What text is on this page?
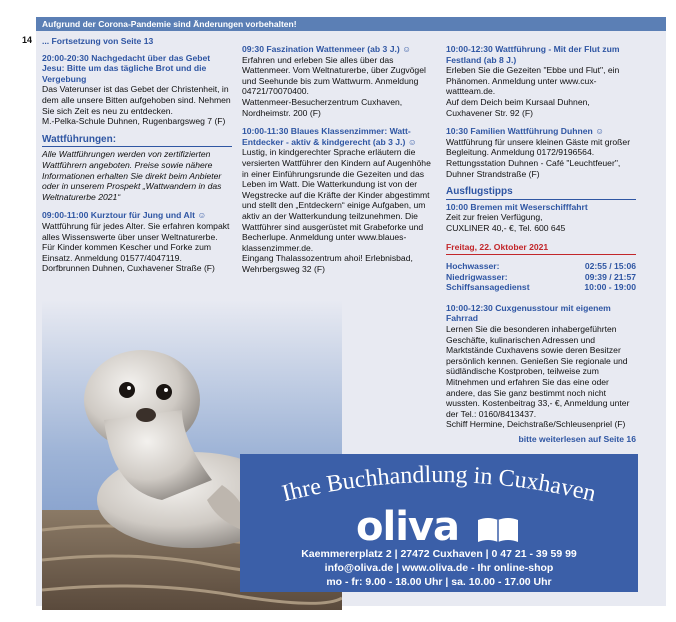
14
Aufgrund der Corona-Pandemie sind Änderungen vorbehalten!
... Fortsetzung von Seite 13
20:00-20:30 Nachgedacht über das Gebet Jesu: Bitte um das tägliche Brot und die Vergebung
Das Vaterunser ist das Gebet der Christenheit, in dem alle unsere Bitten aufgehoben sind. Nehmen Sie sich Zeit es neu zu entdecken.

M.-Pelka-Schule Duhnen, Rugenbargsweg 7 (F)

Wattführungen:

Alle Wattführungen werden von zertifizierten Wattführern angeboten. Preise sowie nähere Informationen erhalten Sie direkt beim Anbieter oder in unserem Prospekt „Wattwandern in das Weltnaturerbe 2021“

09:00-11:00 Kurztour für Jung und Alt ☺
Wattführung für jedes Alter. Sie erfahren kompakt alles Wissenswerte über unser Weltnaturerbe. Für Kinder kommen Kescher und Forke zum Einsatz. Anmeldung 01577/4047119.

Dorfbrunnen Duhnen, Cuxhavener Straße (F)

09:30 Faszination Wattenmeer (ab 3 J.) ☺
Erfahren und erleben Sie alles über das Wattenmeer. Vom Weltnaturerbe, über Zugvögel und Seehunde bis zum Wattwurm. Anmeldung 04721/70070400.

Wattenmeer-Besucherzentrum Cuxhaven, Nordheimstr. 200 (F)

10:00-11:30 Blaues Klassenzimmer: Watt-Entdecker - aktiv & kindgerecht (ab 3 J.) ☺
Lustig, in kindgerechter Sprache erläutern die versierten Wattführer den Kindern auf Augenhöhe in einer Einführungsrunde die Gezeiten und das Leben im Watt. Die Watterkundung ist von der Wegstrecke auf die Kräfte der Kinder abgestimmt und stellt den „Entdeckern“ einige Aufgaben, um aktiv an der Watterkundung teilzunehmen. Die Wattführer sind ausgerüstet mit Grabeforke und Becherlupe. Anmeldung unter www.blaues-klassenzimmer.de.

Eingang Thalassozentrum ahoi! Erlebnisbad, Wehrbergsweg 32 (F)

10:00-12:30 Wattführung - Mit der Flut zum Festland (ab 8 J.)
Erleben Sie die Gezeiten "Ebbe und Flut", ein Phänomen. Anmeldung unter www.cux-wattteam.de.

Auf dem Deich beim Kursaal Duhnen, Cuxhavener Str. 92 (F)

10:30 Familien Wattführung Duhnen ☺
Wattführung für unsere kleinen Gäste mit großer Begleitung. Anmeldung 0172/9196564.

Rettungsstation Duhnen - Café "Leuchtfeuer", Duhner Strandstraße (F)

Ausflugstipps
10:00 Bremen mit Weserschifffahrt
Zeit zur freien Verfügung,

CUXLINER 40,- €, Tel. 600 645

Freitag, 22. Oktober 2021
Hochwasser:	02:55 / 15:06
Niedrigwasser:	09:39 / 21:57
Schiffsansagedienst	10:00 - 19:00
10:00-12:30 Cuxgenusstour mit eigenem Fahrrad
Lernen Sie die besonderen inhabergeführten Geschäfte, kulinarischen Adressen und Marktstände Cuxhavens sowie deren Besitzer persönlich kennen. Genießen Sie regionale und südländische Kostproben, teilweise zum Mitnehmen und erfahren Sie das eine oder andere, das Sie ganz bestimmt noch nicht wussten. Kostenbeitrag 33,- €, Anmeldung unter der Tel.: 0160/8413437.
Schiff Hermine, Deichstraße/Schleusenpriel (F)
bitte weiterlesen auf Seite 16
Ihre Buchhandlung in Cuxhaven
oliva
Kaemmererplatz 2 | 27472 Cuxhaven | 0 47 21 - 39 59 99
info@oliva.de | www.oliva.de - Ihr online-shop
mo - fr: 9.00 - 18.00 Uhr | sa. 10.00 - 17.00 Uhr
